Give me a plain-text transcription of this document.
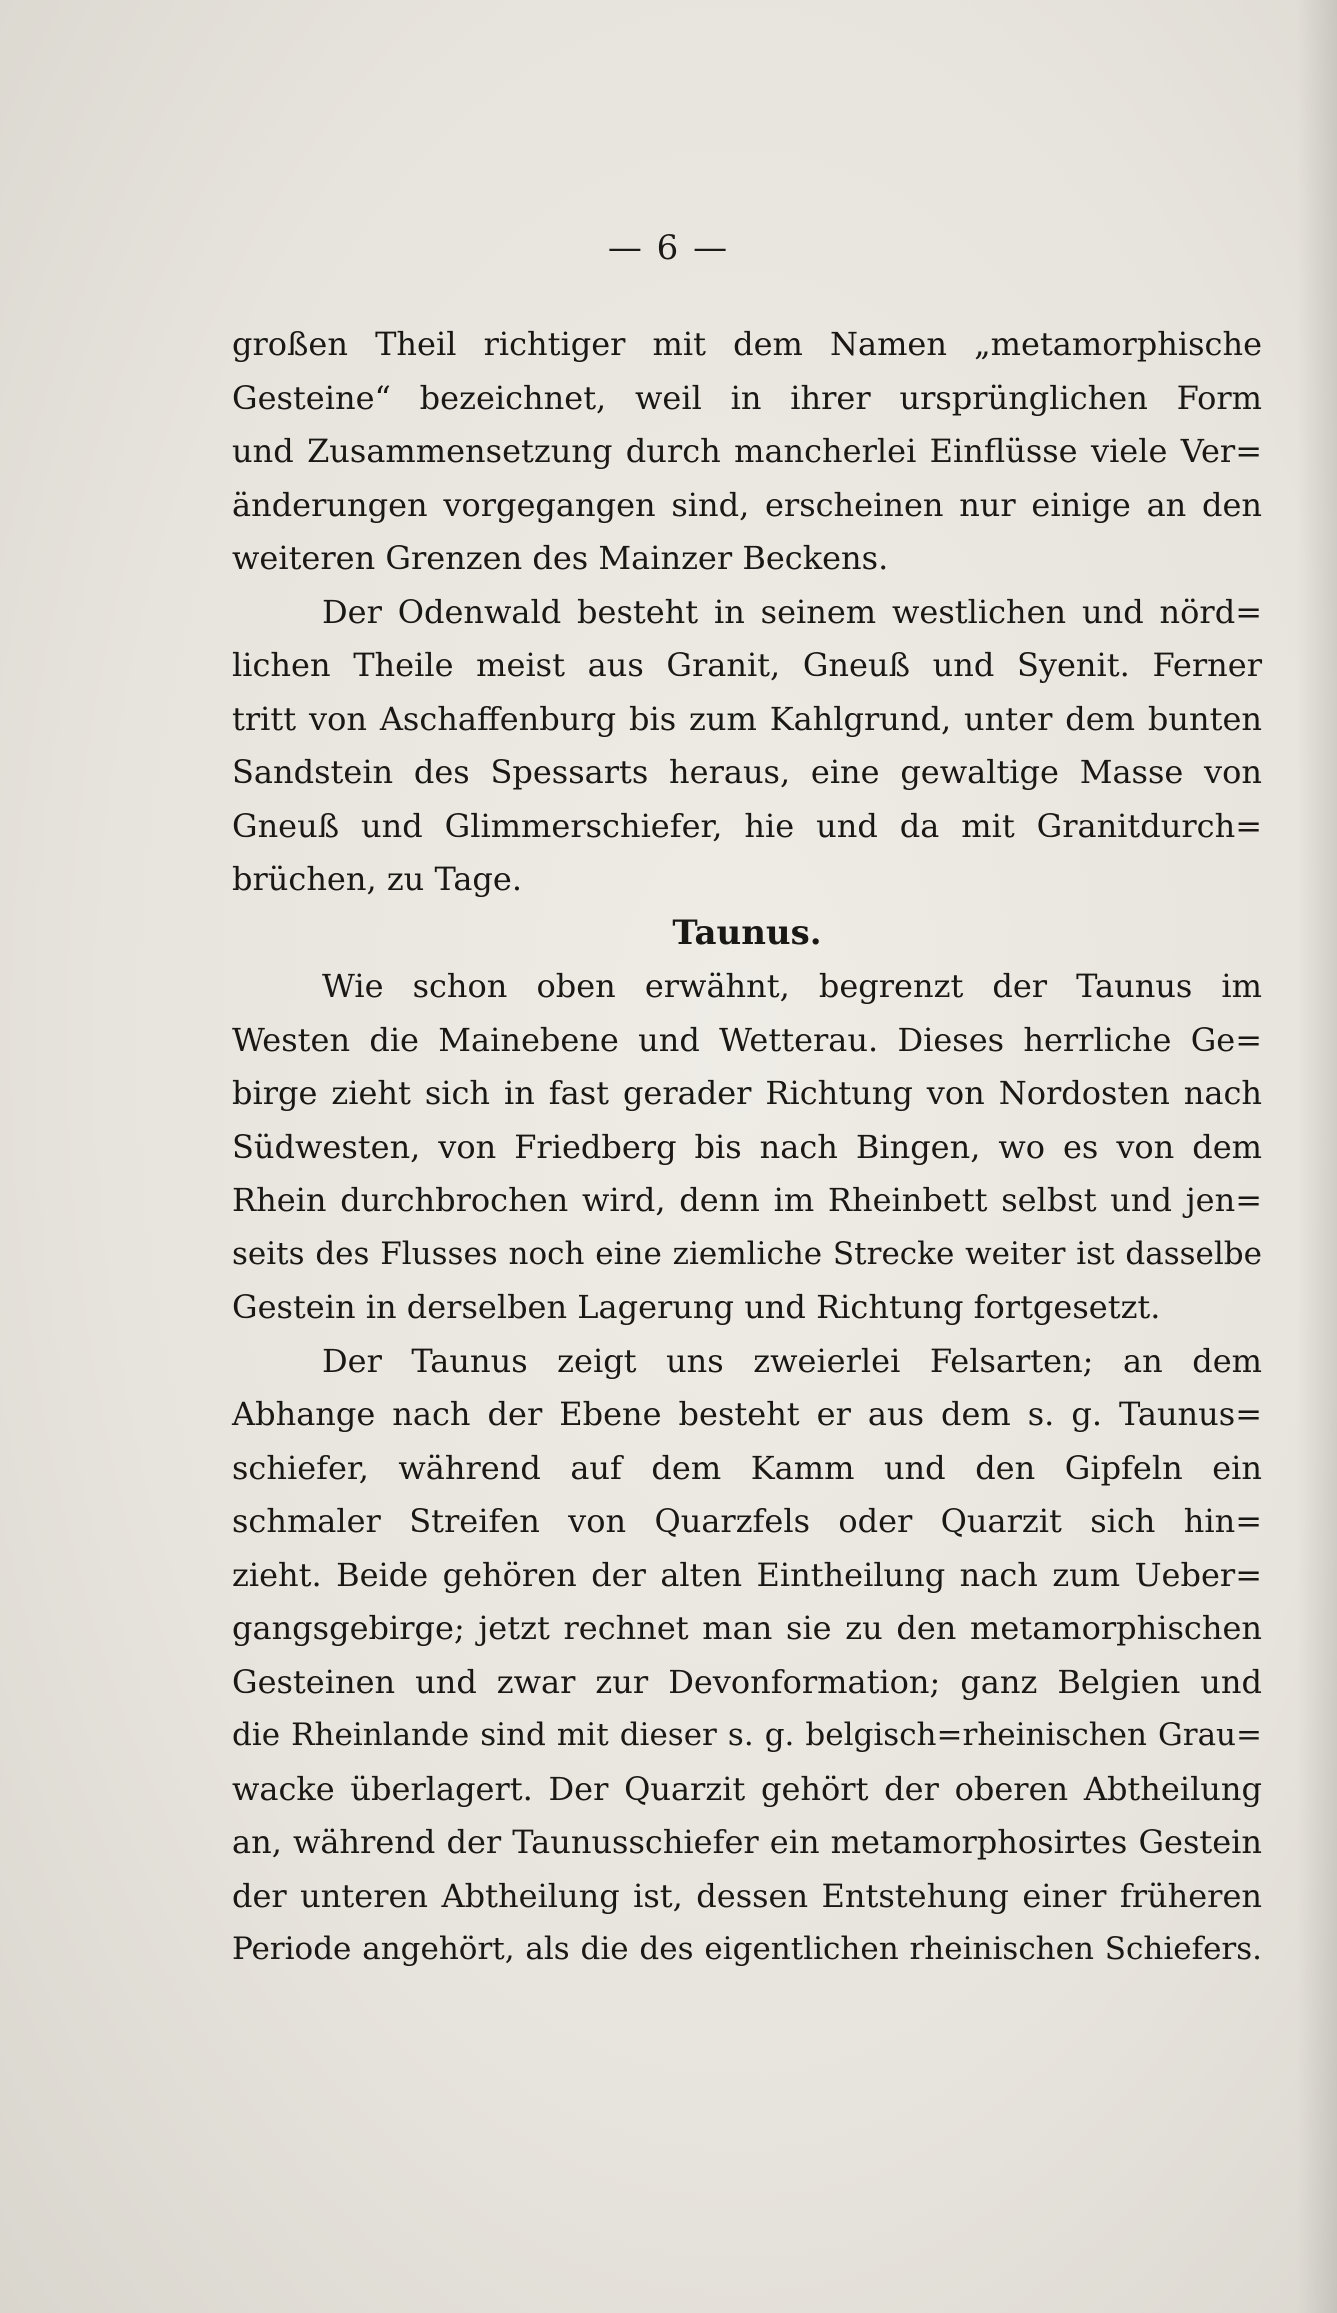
— 6 —
großen Theil richtiger mit dem Namen „metamorphische
Gesteine“ bezeichnet, weil in ihrer ursprünglichen Form
und Zusammensetzung durch mancherlei Einflüsse viele Ver=
änderungen vorgegangen sind, erscheinen nur einige an den
weiteren Grenzen des Mainzer Beckens.
Der Odenwald besteht in seinem westlichen und nörd=
lichen Theile meist aus Granit, Gneuß und Syenit. Ferner
tritt von Aschaffenburg bis zum Kahlgrund, unter dem bunten
Sandstein des Spessarts heraus, eine gewaltige Masse von
Gneuß und Glimmerschiefer, hie und da mit Granitdurch=
brüchen, zu Tage.
Taunus.
Wie schon oben erwähnt, begrenzt der Taunus im
Westen die Mainebene und Wetterau. Dieses herrliche Ge=
birge zieht sich in fast gerader Richtung von Nordosten nach
Südwesten, von Friedberg bis nach Bingen, wo es von dem
Rhein durchbrochen wird, denn im Rheinbett selbst und jen=
seits des Flusses noch eine ziemliche Strecke weiter ist dasselbe
Gestein in derselben Lagerung und Richtung fortgesetzt.
Der Taunus zeigt uns zweierlei Felsarten; an dem
Abhange nach der Ebene besteht er aus dem s. g. Taunus=
schiefer, während auf dem Kamm und den Gipfeln ein
schmaler Streifen von Quarzfels oder Quarzit sich hin=
zieht. Beide gehören der alten Eintheilung nach zum Ueber=
gangsgebirge; jetzt rechnet man sie zu den metamorphischen
Gesteinen und zwar zur Devonformation; ganz Belgien und
die Rheinlande sind mit dieser s. g. belgisch=rheinischen Grau=
wacke überlagert. Der Quarzit gehört der oberen Abtheilung
an, während der Taunusschiefer ein metamorphosirtes Gestein
der unteren Abtheilung ist, dessen Entstehung einer früheren
Periode angehört, als die des eigentlichen rheinischen Schiefers.
